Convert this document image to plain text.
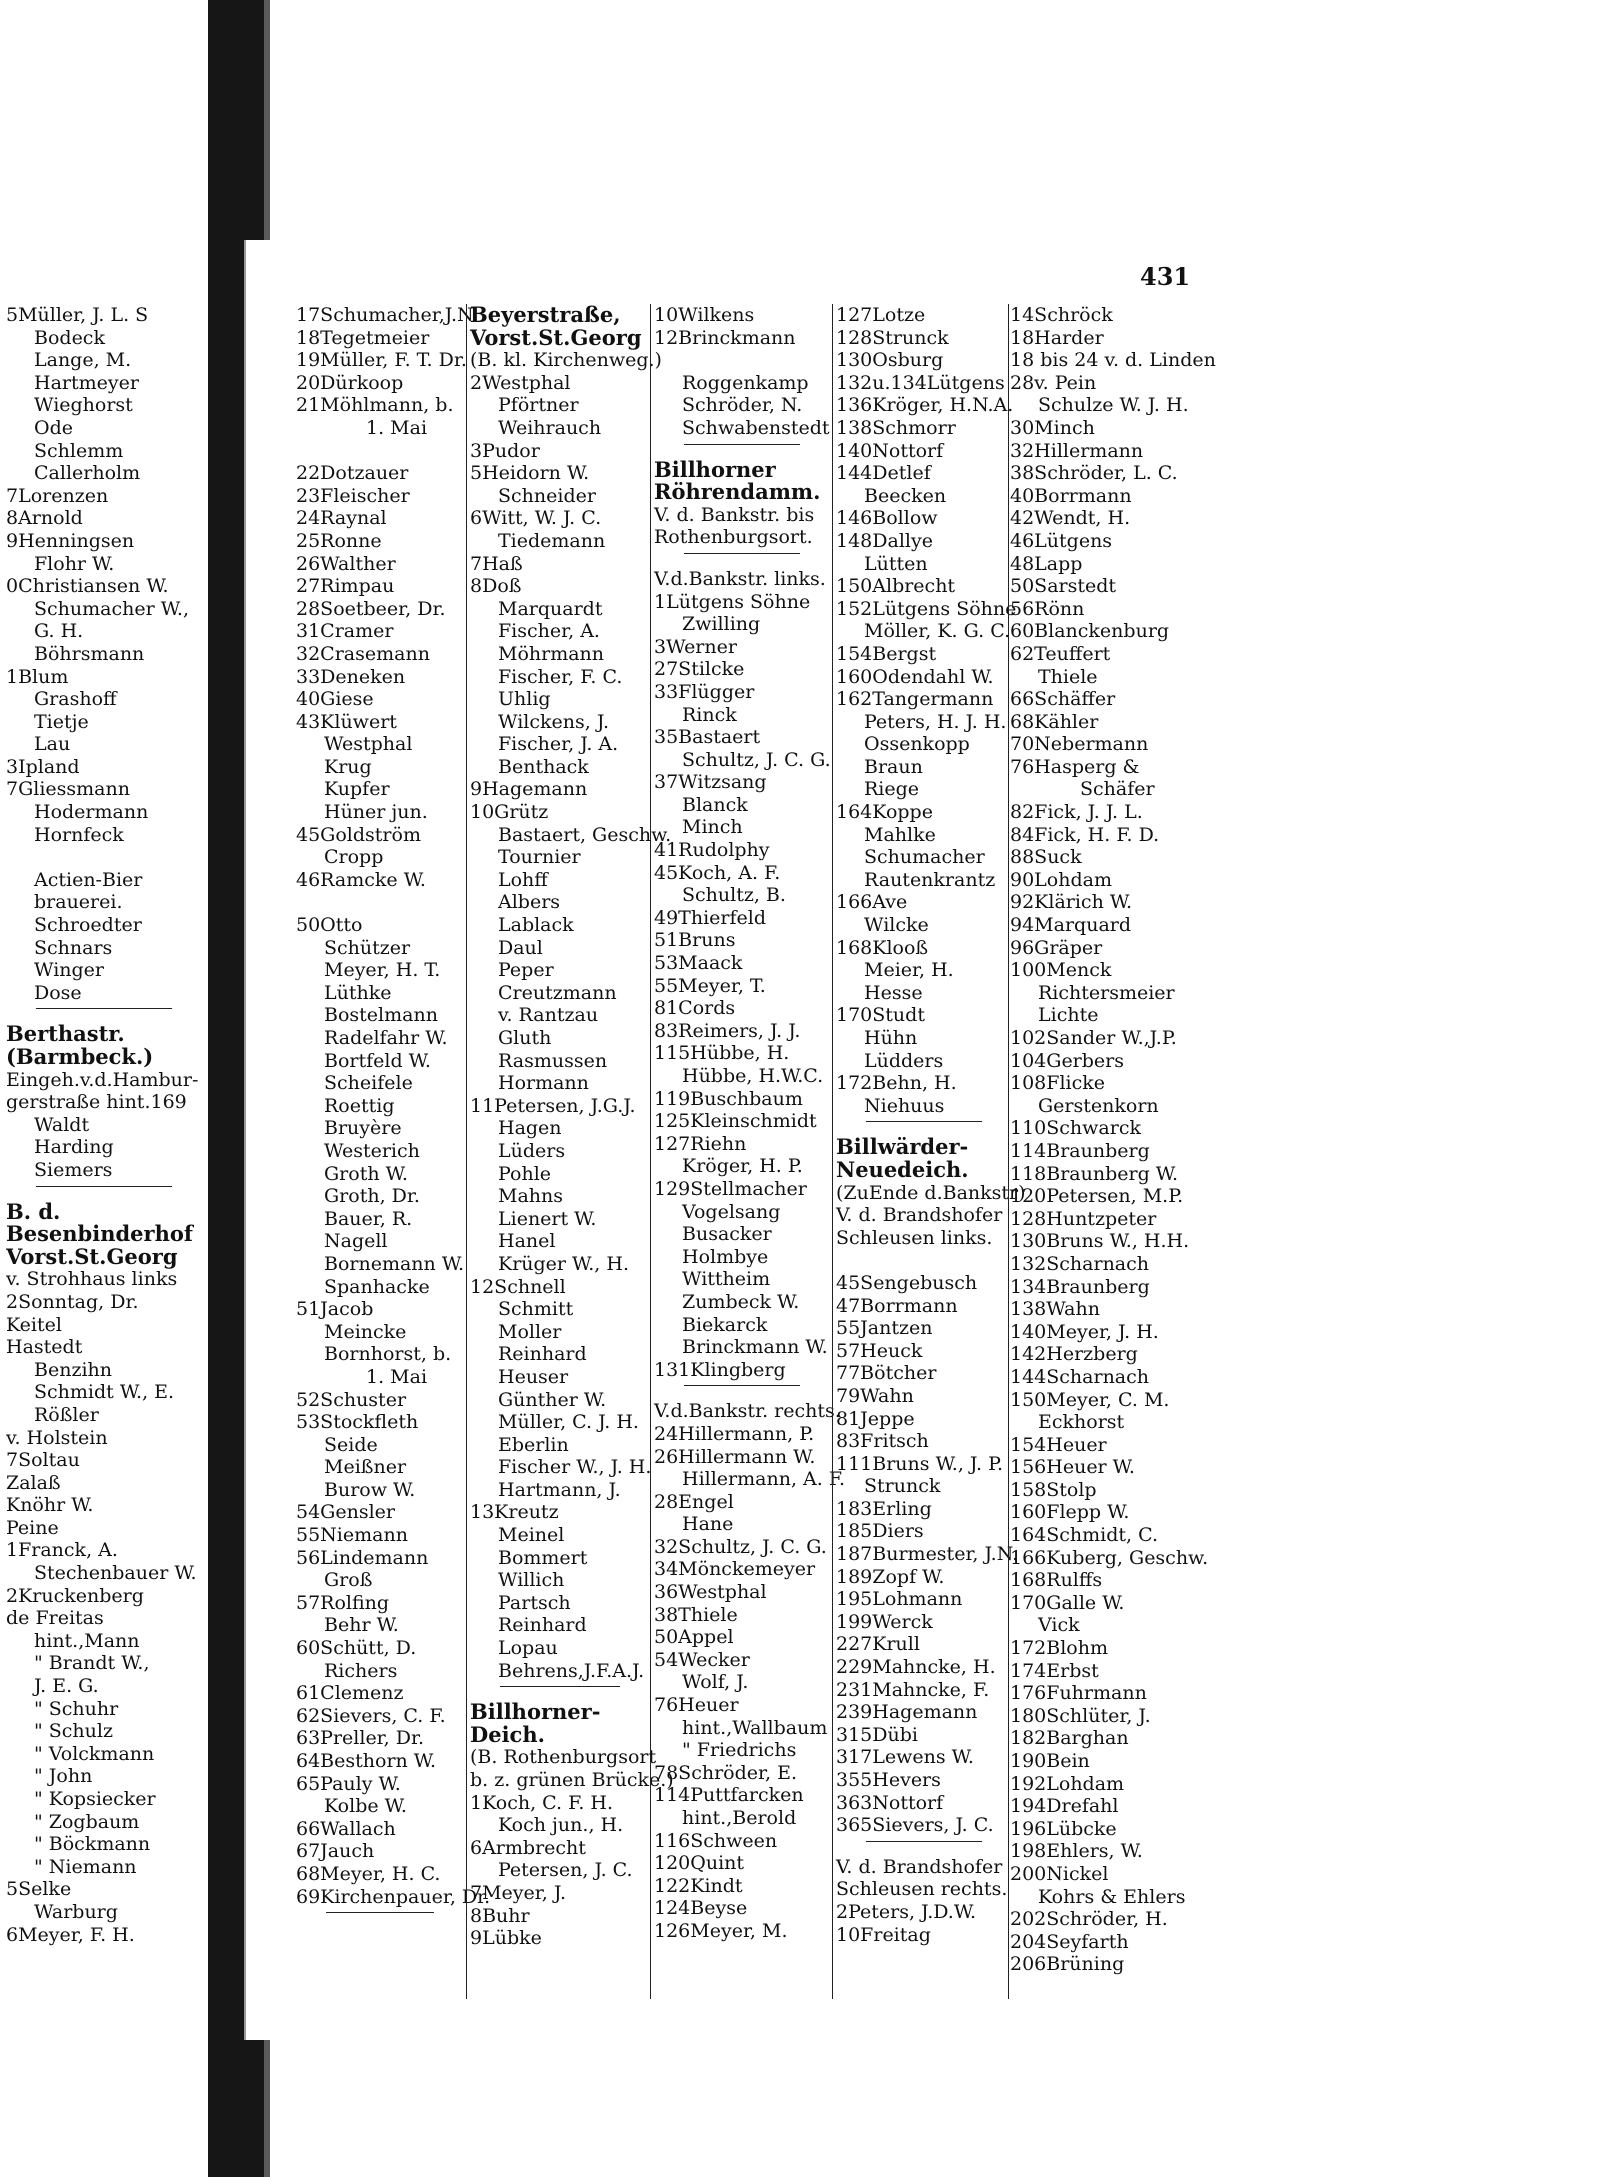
431
5Müller, J. L. S
Bodeck
Lange, M.
Hartmeyer
Wieghorst
Ode
Schlemm
Callerholm
7Lorenzen
8Arnold
9Henningsen
Flohr W.
0Christiansen W.
Schumacher W.,
G. H.
Böhrsmann
1Blum
Grashoff
Tietje
Lau
3Ipland
7Gliessmann
Hodermann
Hornfeck
Actien-Bier
brauerei.
Schroedter
Schnars
Winger
Dose
Berthastr.
(Barmbeck.)
Eingeh.v.d.Hambur-
gerstraße hint.169
Waldt
Harding
Siemers
B. d.
Besenbinderhof
Vorst.St.Georg
v. Strohhaus links
2Sonntag, Dr.
Keitel
Hastedt
Benzihn
Schmidt W., E.
Rößler
v. Holstein
7Soltau
Zalaß
Knöhr W.
Peine
1Franck, A.
Stechenbauer W.
2Kruckenberg
de Freitas
hint.,Mann
" Brandt W.,
J. E. G.
" Schuhr
" Schulz
" Volckmann
" John
" Kopsiecker
" Zogbaum
" Böckmann
" Niemann
5Selke
Warburg
6Meyer, F. H.
17Schumacher,J.N.
18Tegetmeier
19Müller, F. T. Dr.
20Dürkoop
21Möhlmann, b.
1. Mai
22Dotzauer
23Fleischer
24Raynal
25Ronne
26Walther
27Rimpau
28Soetbeer, Dr.
31Cramer
32Crasemann
33Deneken
40Giese
43Klüwert
Westphal
Krug
Kupfer
Hüner jun.
45Goldström
Cropp
46Ramcke W.
50Otto
Schützer
Meyer, H. T.
Lüthke
Bostelmann
Radelfahr W.
Bortfeld W.
Scheifele
Roettig
Bruyère
Westerich
Groth W.
Groth, Dr.
Bauer, R.
Nagell
Bornemann W.
Spanhacke
51Jacob
Meincke
Bornhorst, b.
1. Mai
52Schuster
53Stockfleth
Seide
Meißner
Burow W.
54Gensler
55Niemann
56Lindemann
Groß
57Rolfing
Behr W.
60Schütt, D.
Richers
61Clemenz
62Sievers, C. F.
63Preller, Dr.
64Besthorn W.
65Pauly W.
Kolbe W.
66Wallach
67Jauch
68Meyer, H. C.
69Kirchenpauer, Dr.
Beyerstraße,
Vorst.St.Georg
(B. kl. Kirchenweg.)
2Westphal
Pförtner
Weihrauch
3Pudor
5Heidorn W.
Schneider
6Witt, W. J. C.
Tiedemann
7Haß
8Doß
Marquardt
Fischer, A.
Möhrmann
Fischer, F. C.
Uhlig
Wilckens, J.
Fischer, J. A.
Benthack
9Hagemann
10Grütz
Bastaert, Geschw.
Tournier
Lohff
Albers
Lablack
Daul
Peper
Creutzmann
v. Rantzau
Gluth
Rasmussen
Hormann
11Petersen, J.G.J.
Hagen
Lüders
Pohle
Mahns
Lienert W.
Hanel
Krüger W., H.
12Schnell
Schmitt
Moller
Reinhard
Heuser
Günther W.
Müller, C. J. H.
Eberlin
Fischer W., J. H.
Hartmann, J.
13Kreutz
Meinel
Bommert
Willich
Partsch
Reinhard
Lopau
Behrens,J.F.A.J.
Billhorner-
Deich.
(B. Rothenburgsort
b. z. grünen Brücke.)
1Koch, C. F. H.
Koch jun., H.
6Armbrecht
Petersen, J. C.
7Meyer, J.
8Buhr
9Lübke
10Wilkens
12Brinckmann
Roggenkamp
Schröder, N.
Schwabenstedt
Billhorner
Röhrendamm.
V. d. Bankstr. bis
Rothenburgsort.
V.d.Bankstr. links.
1Lütgens Söhne
Zwilling
3Werner
27Stilcke
33Flügger
Rinck
35Bastaert
Schultz, J. C. G.
37Witzsang
Blanck
Minch
41Rudolphy
45Koch, A. F.
Schultz, B.
49Thierfeld
51Bruns
53Maack
55Meyer, T.
81Cords
83Reimers, J. J.
115Hübbe, H.
Hübbe, H.W.C.
119Buschbaum
125Kleinschmidt
127Riehn
Kröger, H. P.
129Stellmacher
Vogelsang
Busacker
Holmbye
Wittheim
Zumbeck W.
Biekarck
Brinckmann W.
131Klingberg
V.d.Bankstr. rechts.
24Hillermann, P.
26Hillermann W.
Hillermann, A. F.
28Engel
Hane
32Schultz, J. C. G.
34Mönckemeyer
36Westphal
38Thiele
50Appel
54Wecker
Wolf, J.
76Heuer
hint.,Wallbaum
" Friedrichs
78Schröder, E.
114Puttfarcken
hint.,Berold
116Schween
120Quint
122Kindt
124Beyse
126Meyer, M.
127Lotze
128Strunck
130Osburg
132u.134Lütgens
136Kröger, H.N.A.
138Schmorr
140Nottorf
144Detlef
Beecken
146Bollow
148Dallye
Lütten
150Albrecht
152Lütgens Söhne
Möller, K. G. C.
154Bergst
160Odendahl W.
162Tangermann
Peters, H. J. H.
Ossenkopp
Braun
Riege
164Koppe
Mahlke
Schumacher
Rautenkrantz
166Ave
Wilcke
168Klooß
Meier, H.
Hesse
170Studt
Hühn
Lüdders
172Behn, H.
Niehuus
Billwärder-
Neuedeich.
(ZuEnde d.Bankstr)
V. d. Brandshofer
Schleusen links.
45Sengebusch
47Borrmann
55Jantzen
57Heuck
77Bötcher
79Wahn
81Jeppe
83Fritsch
111Bruns W., J. P.
Strunck
183Erling
185Diers
187Burmester, J.N.
189Zopf W.
195Lohmann
199Werck
227Krull
229Mahncke, H.
231Mahncke, F.
239Hagemann
315Dübi
317Lewens W.
355Hevers
363Nottorf
365Sievers, J. C.
V. d. Brandshofer
Schleusen rechts.
2Peters, J.D.W.
10Freitag
14Schröck
18Harder
18 bis 24 v. d. Linden
28v. Pein
Schulze W. J. H.
30Minch
32Hillermann
38Schröder, L. C.
40Borrmann
42Wendt, H.
46Lütgens
48Lapp
50Sarstedt
56Rönn
60Blanckenburg
62Teuffert
Thiele
66Schäffer
68Kähler
70Nebermann
76Hasperg &
Schäfer
82Fick, J. J. L.
84Fick, H. F. D.
88Suck
90Lohdam
92Klärich W.
94Marquard
96Gräper
100Menck
Richtersmeier
Lichte
102Sander W.,J.P.
104Gerbers
108Flicke
Gerstenkorn
110Schwarck
114Braunberg
118Braunberg W.
120Petersen, M.P.
128Huntzpeter
130Bruns W., H.H.
132Scharnach
134Braunberg
138Wahn
140Meyer, J. H.
142Herzberg
144Scharnach
150Meyer, C. M.
Eckhorst
154Heuer
156Heuer W.
158Stolp
160Flepp W.
164Schmidt, C.
166Kuberg, Geschw.
168Rulffs
170Galle W.
Vick
172Blohm
174Erbst
176Fuhrmann
180Schlüter, J.
182Barghan
190Bein
192Lohdam
194Drefahl
196Lübcke
198Ehlers, W.
200Nickel
Kohrs & Ehlers
202Schröder, H.
204Seyfarth
206Brüning
